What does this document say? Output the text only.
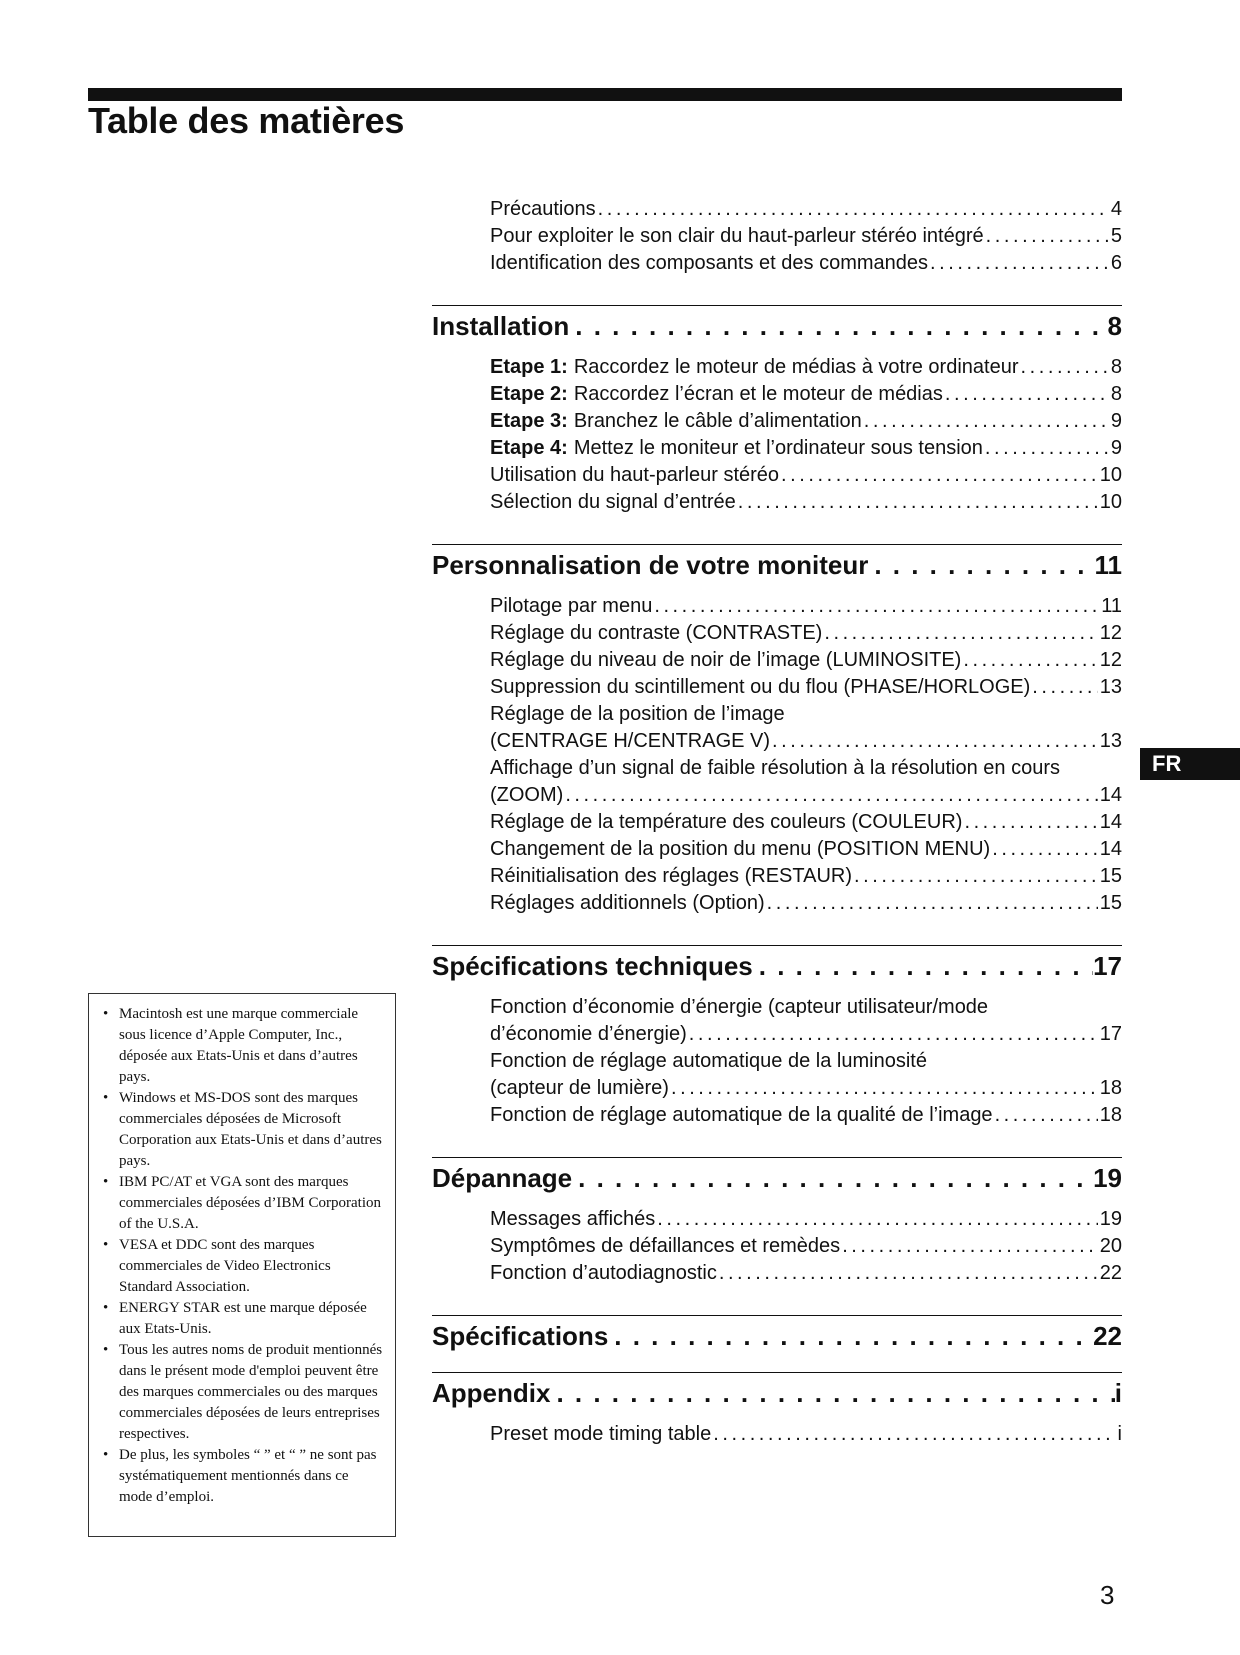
Table des matières
Précautions . . .	4
Pour exploiter le son clair du haut-parleur stéréo intégré . . .	5
Identification des composants et des commandes . . .	6
Installation . . .	8
Etape 1: Raccordez le moteur de médias à votre ordinateur . . .	8
Etape 2: Raccordez l’écran et le moteur de médias . . .	8
Etape 3: Branchez le câble d’alimentation . . .	9
Etape 4: Mettez le moniteur et l’ordinateur sous tension . . .	9
Utilisation du haut-parleur stéréo . . .	10
Sélection du signal d’entrée . . .	10
Personnalisation de votre moniteur . . .	11
Pilotage par menu . . .	11
Réglage du contraste (CONTRASTE) . . .	12
Réglage du niveau de noir de l’image (LUMINOSITE) . . .	12
Suppression du scintillement ou du flou (PHASE/HORLOGE) . . .	13
Réglage de la position de l’image
(CENTRAGE H/CENTRAGE V) . . .	13
Affichage d’un signal de faible résolution à la résolution en cours
(ZOOM) . . .	14
Réglage de la température des couleurs (COULEUR) . . .	14
Changement de la position du menu (POSITION MENU) . . .	14
Réinitialisation des réglages (RESTAUR) . . .	15
Réglages additionnels (Option) . . .	15
Spécifications techniques . . .	17
Fonction d’économie d’énergie (capteur utilisateur/mode
d’économie d’énergie) . . .	17
Fonction de réglage automatique de la luminosité
(capteur de lumière) . . .	18
Fonction de réglage automatique de la qualité de l’image . . .	18
Dépannage . . .	19
Messages affichés . . .	19
Symptômes de défaillances et remèdes . . .	20
Fonction d’autodiagnostic . . .	22
Spécifications . . .	22
Appendix . . .	i
Preset mode timing table . . .	i
FR
• Macintosh est une marque commerciale sous licence d’Apple Computer, Inc., déposée aux Etats-Unis et dans d’autres pays.
• Windows et MS-DOS sont des marques commerciales déposées de Microsoft Corporation aux Etats-Unis et dans d’autres pays.
• IBM PC/AT et VGA sont des marques commerciales déposées d’IBM Corporation of the U.S.A.
• VESA et DDC sont des marques commerciales de Video Electronics Standard Association.
• ENERGY STAR est une marque déposée aux Etats-Unis.
• Tous les autres noms de produit mentionnés dans le présent mode d'emploi peuvent être des marques commerciales ou des marques commerciales déposées de leurs entreprises respectives.
• De plus, les symboles “ ” et “ ” ne sont pas systématiquement mentionnés dans ce mode d’emploi.
3
